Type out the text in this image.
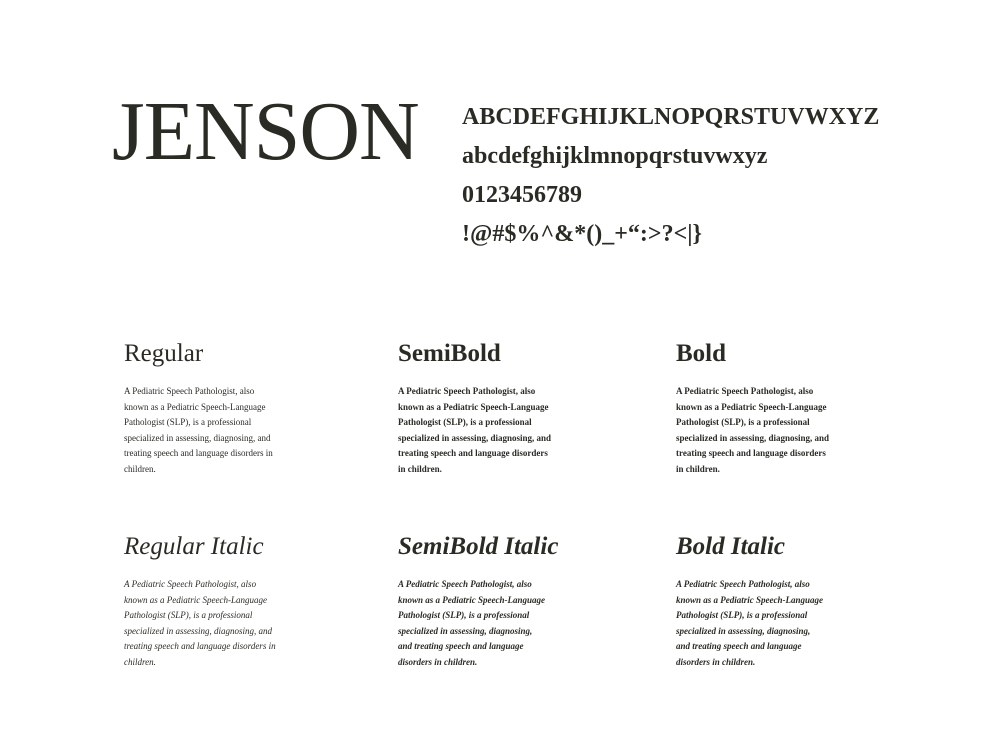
JENSON ABCDEFGHIJKLNOPQRSTUVWXYZ
abcdefghijklmnopqrstuvwxyz
0123456789
!@#$%^&*()_+“:>?<|}
Regular

A Pediatric Speech Pathologist, also known as a Pediatric Speech-Language Pathologist (SLP), is a professional specialized in assessing, diagnosing, and treating speech and language disorders in children.

SemiBold

A Pediatric Speech Pathologist, also known as a Pediatric Speech-Language Pathologist (SLP), is a professional specialized in assessing, diagnosing, and treating speech and language disorders in children.

Bold

A Pediatric Speech Pathologist, also known as a Pediatric Speech-Language Pathologist (SLP), is a professional specialized in assessing, diagnosing, and treating speech and language disorders in children.

Regular Italic

A Pediatric Speech Pathologist, also known as a Pediatric Speech-Language Pathologist (SLP), is a professional specialized in assessing, diagnosing, and treating speech and language disorders in children.

SemiBold Italic

A Pediatric Speech Pathologist, also known as a Pediatric Speech-Language Pathologist (SLP), is a professional specialized in assessing, diagnosing, and treating speech and language disorders in children.

Bold Italic

A Pediatric Speech Pathologist, also known as a Pediatric Speech-Language Pathologist (SLP), is a professional specialized in assessing, diagnosing, and treating speech and language disorders in children.
